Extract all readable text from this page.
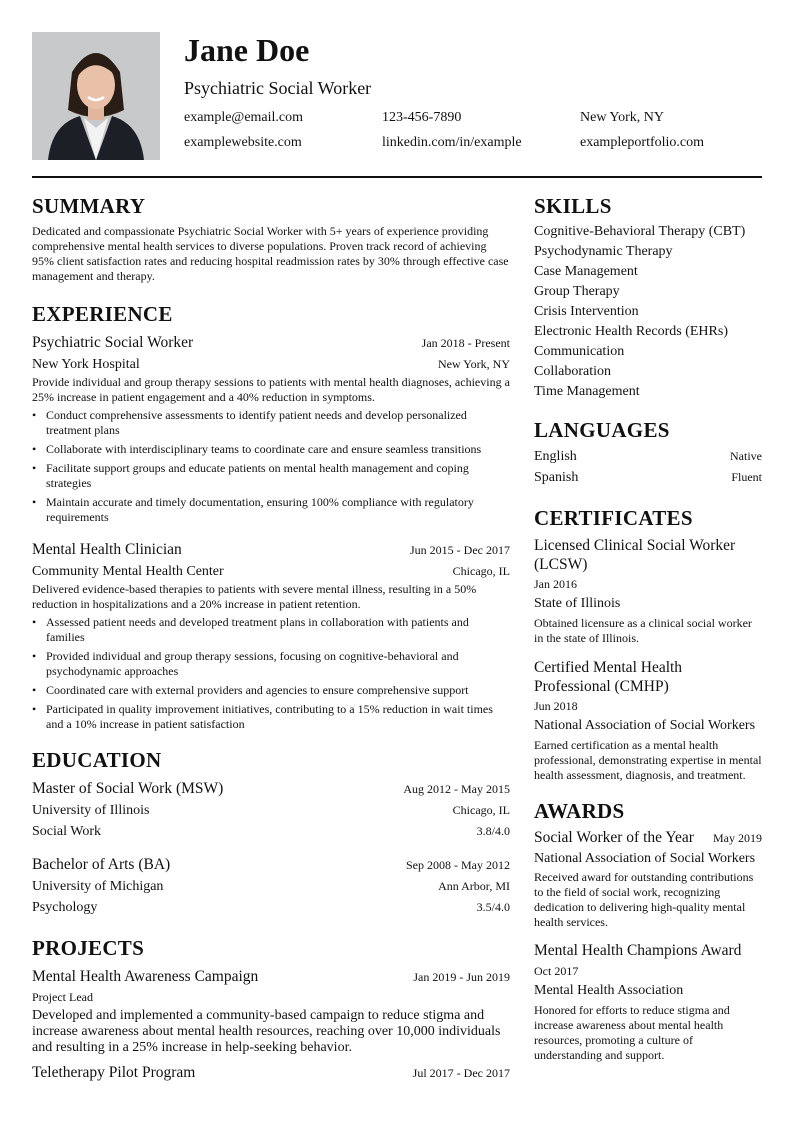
Jane Doe
Psychiatric Social Worker
example@email.com	123-456-7890	New York, NY
examplewebsite.com	linkedin.com/in/example	exampleportfolio.com
SUMMARY
Dedicated and compassionate Psychiatric Social Worker with 5+ years of experience providing comprehensive mental health services to diverse populations. Proven track record of achieving 95% client satisfaction rates and reducing hospital readmission rates by 30% through effective case management and therapy.
EXPERIENCE
Psychiatric Social Worker	Jan 2018 - Present
New York Hospital	New York, NY
Provide individual and group therapy sessions to patients with mental health diagnoses, achieving a 25% increase in patient engagement and a 40% reduction in symptoms.
• Conduct comprehensive assessments to identify patient needs and develop personalized treatment plans
• Collaborate with interdisciplinary teams to coordinate care and ensure seamless transitions
• Facilitate support groups and educate patients on mental health management and coping strategies
• Maintain accurate and timely documentation, ensuring 100% compliance with regulatory requirements
Mental Health Clinician	Jun 2015 - Dec 2017
Community Mental Health Center	Chicago, IL
Delivered evidence-based therapies to patients with severe mental illness, resulting in a 50% reduction in hospitalizations and a 20% increase in patient retention.
• Assessed patient needs and developed treatment plans in collaboration with patients and families
• Provided individual and group therapy sessions, focusing on cognitive-behavioral and psychodynamic approaches
• Coordinated care with external providers and agencies to ensure comprehensive support
• Participated in quality improvement initiatives, contributing to a 15% reduction in wait times and a 10% increase in patient satisfaction
EDUCATION
Master of Social Work (MSW)	Aug 2012 - May 2015
University of Illinois	Chicago, IL
Social Work	3.8/4.0
Bachelor of Arts (BA)	Sep 2008 - May 2012
University of Michigan	Ann Arbor, MI
Psychology	3.5/4.0
PROJECTS
Mental Health Awareness Campaign	Jan 2019 - Jun 2019
Project Lead
Developed and implemented a community-based campaign to reduce stigma and increase awareness about mental health resources, reaching over 10,000 individuals and resulting in a 25% increase in help-seeking behavior.
Teletherapy Pilot Program	Jul 2017 - Dec 2017
SKILLS
Cognitive-Behavioral Therapy (CBT)
Psychodynamic Therapy
Case Management
Group Therapy
Crisis Intervention
Electronic Health Records (EHRs)
Communication
Collaboration
Time Management
LANGUAGES
English	Native
Spanish	Fluent
CERTIFICATES
Licensed Clinical Social Worker (LCSW)
Jan 2016
State of Illinois
Obtained licensure as a clinical social worker in the state of Illinois.
Certified Mental Health Professional (CMHP)
Jun 2018
National Association of Social Workers
Earned certification as a mental health professional, demonstrating expertise in mental health assessment, diagnosis, and treatment.
AWARDS
Social Worker of the Year May 2019
National Association of Social Workers
Received award for outstanding contributions to the field of social work, recognizing dedication to delivering high-quality mental health services.
Mental Health Champions Award
Oct 2017
Mental Health Association
Honored for efforts to reduce stigma and increase awareness about mental health resources, promoting a culture of understanding and support.
